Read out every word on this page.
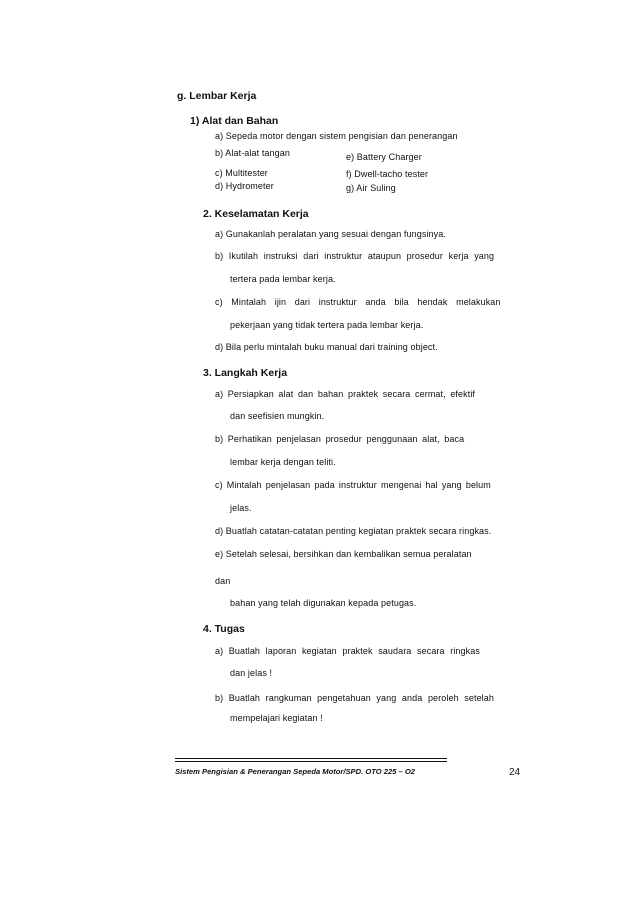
g. Lembar Kerja
1) Alat dan Bahan
a) Sepeda motor dengan sistem pengisian dan penerangan
b) Alat-alat tangan	e) Battery Charger
c) Multitester	f) Dwell-tacho tester
d) Hydrometer	g) Air Suling
2. Keselamatan Kerja
a) Gunakanlah peralatan yang sesuai dengan fungsinya.
b) Ikutilah instruksi dari instruktur ataupun prosedur kerja yang
tertera pada lembar kerja.
c) Mintalah ijin dari instruktur anda bila hendak melakukan
pekerjaan yang tidak tertera pada lembar kerja.
d) Bila perlu mintalah buku manual dari training object.
3. Langkah Kerja
a) Persiapkan alat dan bahan praktek secara cermat, efektif
dan seefisien mungkin.
b) Perhatikan penjelasan prosedur penggunaan alat, baca
lembar kerja dengan teliti.
c) Mintalah penjelasan pada instruktur mengenai hal yang belum
jelas.
d) Buatlah catatan-catatan penting kegiatan praktek secara ringkas.
e) Setelah selesai, bersihkan dan kembalikan semua peralatan
dan
bahan yang telah digunakan kepada petugas.
4. Tugas
a) Buatlah laporan kegiatan praktek saudara secara ringkas
dan jelas !
b) Buatlah rangkuman pengetahuan yang anda peroleh setelah
mempelajari kegiatan !
Sistem Pengisian & Penerangan Sepeda Motor/SPD. OTO 225 – O2	24
